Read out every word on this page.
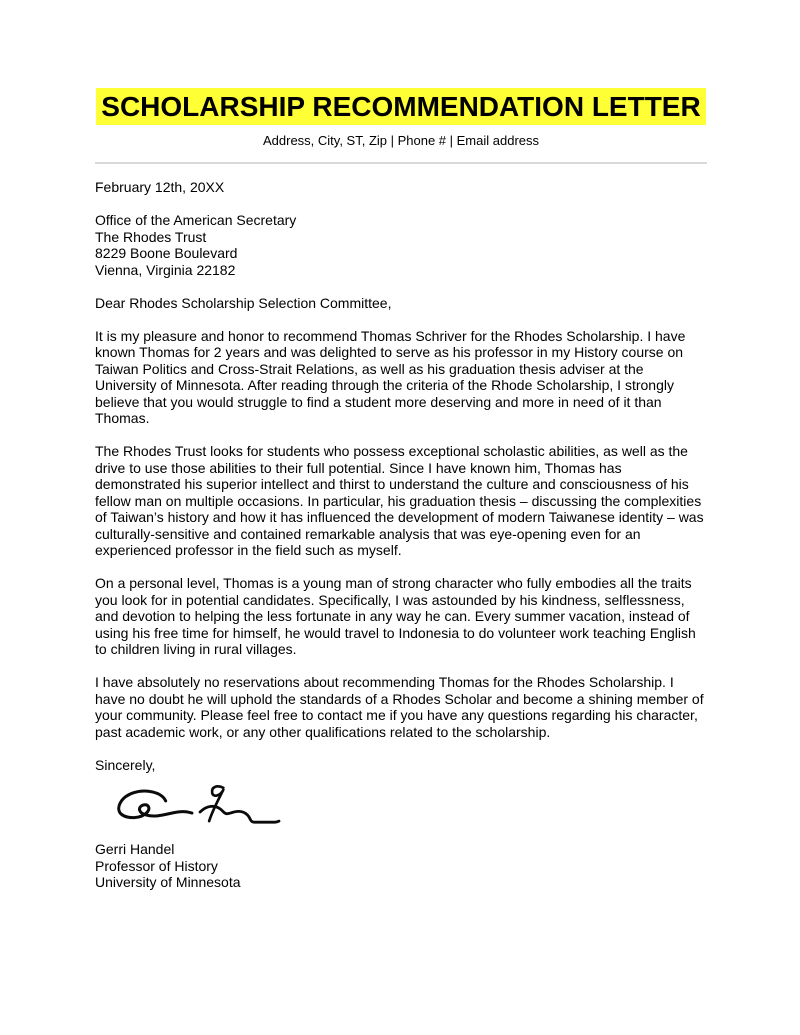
SCHOLARSHIP RECOMMENDATION LETTER
Address, City, ST, Zip | Phone # | Email address

February 12th, 20XX

Office of the American Secretary
The Rhodes Trust
8229 Boone Boulevard
Vienna, Virginia 22182

Dear Rhodes Scholarship Selection Committee,

It is my pleasure and honor to recommend Thomas Schriver for the Rhodes Scholarship. I have known Thomas for 2 years and was delighted to serve as his professor in my History course on Taiwan Politics and Cross-Strait Relations, as well as his graduation thesis adviser at the University of Minnesota. After reading through the criteria of the Rhode Scholarship, I strongly believe that you would struggle to find a student more deserving and more in need of it than Thomas.

The Rhodes Trust looks for students who possess exceptional scholastic abilities, as well as the drive to use those abilities to their full potential. Since I have known him, Thomas has demonstrated his superior intellect and thirst to understand the culture and consciousness of his fellow man on multiple occasions. In particular, his graduation thesis – discussing the complexities of Taiwan’s history and how it has influenced the development of modern Taiwanese identity – was culturally-sensitive and contained remarkable analysis that was eye-opening even for an experienced professor in the field such as myself.

On a personal level, Thomas is a young man of strong character who fully embodies all the traits you look for in potential candidates. Specifically, I was astounded by his kindness, selflessness, and devotion to helping the less fortunate in any way he can. Every summer vacation, instead of using his free time for himself, he would travel to Indonesia to do volunteer work teaching English to children living in rural villages.

I have absolutely no reservations about recommending Thomas for the Rhodes Scholarship. I have no doubt he will uphold the standards of a Rhodes Scholar and become a shining member of your community. Please feel free to contact me if you have any questions regarding his character, past academic work, or any other qualifications related to the scholarship.

Sincerely,

Gerri Handel
Professor of History
University of Minnesota
